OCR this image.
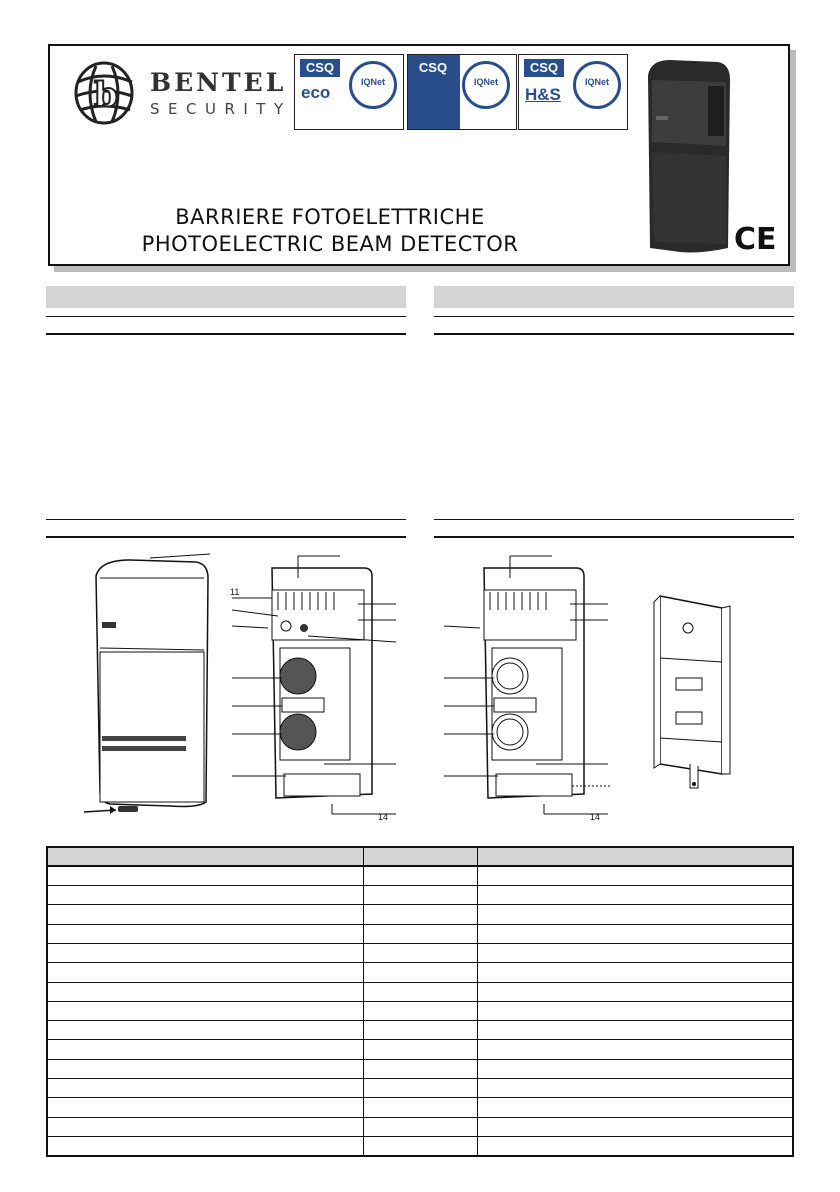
b BENTEL
SECURITY
CSQ
eco
IQNet
CSQ
IQNet
CSQ
H&S
IQNet
BARRIERE FOTOELETTRICHE
PHOTOELECTRIC BEAM DETECTOR	CE
11
14	14
